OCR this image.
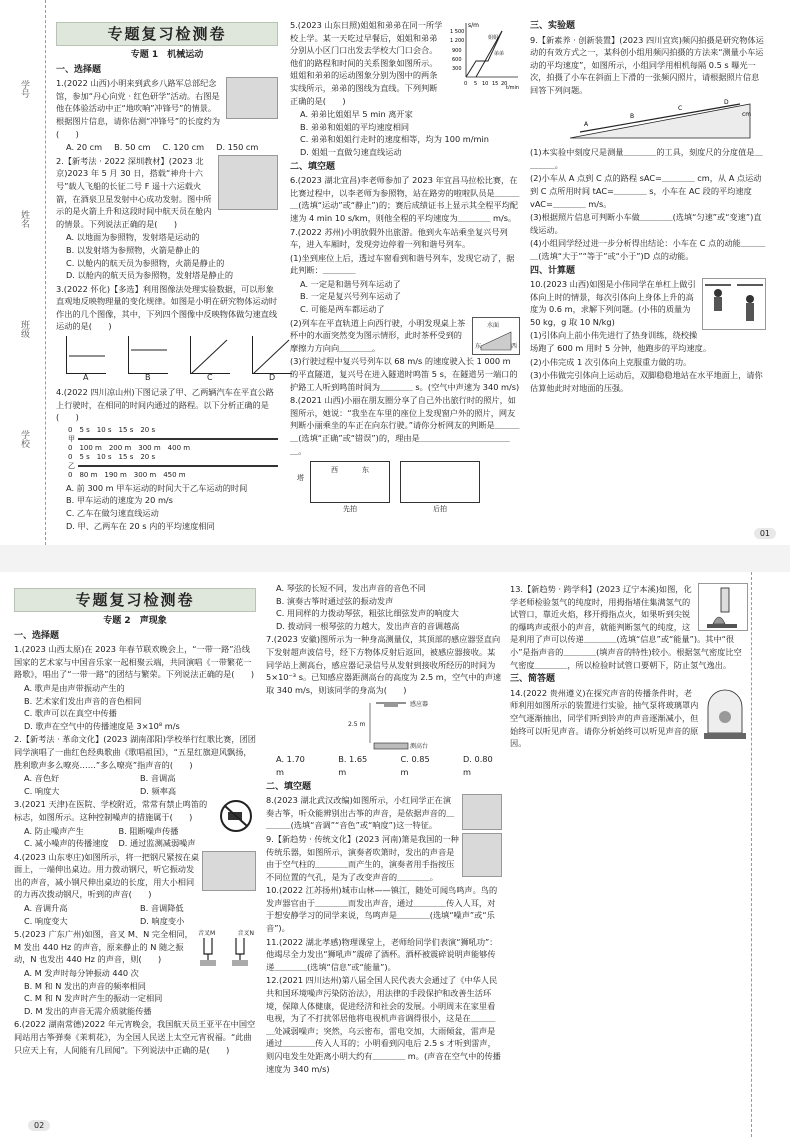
学号
姓名
班级
学校
专题复习检测卷
专题 1　机械运动
一、选择题
1.(2022 山西)小明来到武乡八路军总部纪念馆，参加“丹心向党 · 红色研学”活动。右图是他在体验活动中正“地吹响”冲锋号”的情景。根据图片信息，请你估测“冲锋号”的长度约为(　　)
A. 20 cm B. 50 cm C. 120 cm D. 150 cm
2.【新考法 · 2022 深圳教材】(2023 北京)2023 年 5 月 30 日，搭载“神舟十六号”载人飞船的长征二号 F 遥十六运载火箭，在酒泉卫星发射中心成功发射。图中所示的是火箭上升和这段时间中航天员在舱内的情景。下列说法正确的是(　　)
A. 以地面为参照物，发射塔是运动的
B. 以发射塔为参照物，火箭是静止的
C. 以舱内的航天员为参照物，火箭是静止的
D. 以舱内的航天员为参照物，发射塔是静止的
3.(2022 怀化)【多选】利用图像法处理实验数据，可以形象直观地反映物理量的变化规律。如图是小明在研究物体运动时作出的几个图像，其中，下列四个图像中反映物体做匀速直线运动的是(　　)
A	B	C	D
4.(2022 四川凉山州)下图记录了甲、乙两辆汽车在平直公路上行驶时，在相同的时间内通过的路程。以下分析正确的是(　　)
0　5 s　10 s　15 s　20 s
甲
0　100 m　200 m　300 m　400 m
0　5 s　10 s　15 s　20 s
乙
0　80 m　190 m　300 m　450 m
A. 前 300 m 甲车运动的时间大于乙车运动的时间
B. 甲车运动的速度为 20 m/s
C. 乙车在做匀速直线运动
D. 甲、乙两车在 20 s 内的平均速度相同
s/m
1 500
1 200
900
600
300
0 5 10 15 20
t/min
姐姐
弟弟
5.(2023 山东日照)姐姐和弟弟在同一所学校上学。某一天吃过早餐后，姐姐和弟弟分别从小区门口出发去学校大门口会合。他们的路程和时间的关系图象如图所示。姐姐和弟弟的运动图象分别为图中的两条实线所示，弟弟的图线为直线。下列判断正确的是(　　)
A. 弟弟比姐姐早 5 min 离开家
B. 弟弟和姐姐的平均速度相同
C. 弟弟和姐姐行走时的速度相等，均为 100 m/min
D. 姐姐一直做匀速直线运动
二、填空题
6.(2023 湖北宜昌)李老师参加了 2023 年宜昌马拉松比赛，在比赛过程中，以李老师为参照物，站在路旁的啦啦队员是＿＿＿＿(选填“运动”或“静止”)的；赛后成绩证书上显示其全程平均配速为 4 min 10 s/km，则他全程的平均速度为＿＿＿＿ m/s。
7.(2022 苏州)小明放假外出旅游。他到火车站乘坐复兴号列车，进入车厢时，发现旁边停着一列和谐号列车。
(1)坐到座位上后，透过车窗看到和谐号列车，发现它动了，据此判断：＿＿＿＿
A. 一定是和谐号列车运动了
B. 一定是复兴号列车运动了
C. 可能是两车都运动了
水面
东	西
(2)列车在平直轨道上向西行驶，小明发现桌上茶杯中的水面突然变为图示情形，此时茶杯受到的摩擦力方向向＿＿＿＿。
(3)行驶过程中复兴号列车以 68 m/s 的速度驶入长 1 000 m 的平直隧道，复兴号在进入隧道时鸣笛 5 s，在隧道另一端口的护路工人听到鸣笛时间为＿＿＿＿ s。(空气中声速为 340 m/s)
8.(2021 山西)小丽在朋友圈分享了自己外出旅行时的照片，如图所示，她说：“我坐在车里的座位上发现窗户外的照片，网友判断小丽乘坐的车正在向东行驶。”请你分析网友的判断是＿＿＿＿(选填“正确”或“错误”)的，理由是＿＿＿＿＿＿＿＿＿＿＿＿。
塔
西	东
先拍	后拍
三、实验题
9.【新素养 · 创新装置】(2023 四川宜宾)频闪拍摄是研究物体运动的有效方式之一，某科创小组用频闪拍摄的方法来“测量小车运动的平均速度”，如图所示，小组同学用相机每隔 0.5 s 曝光一次，拍摄了小车在斜面上下滑的一张频闪照片，请根据照片信息回答下列问题。
A
B
C
D
cm
(1)本实验中刻度尺是测量＿＿＿＿的工具，刻度尺的分度值是＿＿＿＿。
(2)小车从 A 点到 C 点的路程 sAC=＿＿＿＿ cm，从 A 点运动到 C 点所用时间 tAC=＿＿＿＿ s，小车在 AC 段的平均速度 vAC=＿＿＿＿ m/s。
(3)根据照片信息可判断小车做＿＿＿＿(选填“匀速”或“变速”)直线运动。
(4)小组同学经过进一步分析得出结论：小车在 C 点的动能＿＿＿＿(选填“大于”“等于”或“小于”)D 点的动能。
四、计算题
10.(2023 山西)如图是小伟同学在单杠上做引体向上时的情景，每次引体向上身体上升的高度为 0.6 m，求解下列问题。(小伟的质量为 50 kg，g 取 10 N/kg)
(1)引体向上前小伟先进行了热身训练，绕校操场跑了 600 m 用时 5 分钟，他跑步的平均速度。
(2)小伟完成 1 次引体向上克服重力做的功。
(3)小伟做完引体向上运动后，双脚稳稳地站在水平地面上，请你估算他此时对地面的压强。
01
专题复习检测卷
专题 2　声现象
一、选择题
1.(2023 山西太原)在 2023 年春节联欢晚会上，“一带一路”沿线国家的艺术家与中国音乐家一起相聚云端，共同演唱《一带繁花一路歌》，唱出了“一带一路”的团结与繁荣。下列说法正确的是(　　)
A. 歌声是由声带振动产生的
B. 艺术家们发出声音的音色相同
C. 歌声可以在真空中传播
D. 歌声在空气中的传播速度是 3×10⁸ m/s
2.【新考法 · 革命文化】(2023 湖南邵阳)学校举行红歌比赛，团团同学演唱了一曲红色经典歌曲《歌唱祖国》，“五星红旗迎风飘扬，胜利歌声多么嘹亮……”多么嘹亮”指声音的(　　)
A. 音色好	B. 音调高
C. 响度大	D. 频率高
3.(2021 天津)在医院、学校附近，常常有禁止鸣笛的标志，如图所示。这种控制噪声的措施属于(　　)
A. 防止噪声产生	B. 阻断噪声传播
C. 减小噪声的传播速度	D. 通过监测减弱噪声
4.(2023 山东枣庄)如图所示，将一把钢尺紧按在桌面上，一端伸出桌边。用力拨动钢尺，听它振动发出的声音，减小钢尺伸出桌边的长度，用大小相同的力再次拨动钢尺，听到的声音(　　)
A. 音调升高	B. 音调降低
C. 响度变大	D. 响度变小
音叉M	音叉N
5.(2023 广东广州)如图，音叉 M、N 完全相同，M 发出 440 Hz 的声音，原来静止的 N 随之振动，N 也发出 440 Hz 的声音，则(　　)
A. M 发声时每分钟振动 440 次
B. M 和 N 发出的声音的频率相同
C. M 和 N 发声时产生的振动一定相同
D. M 发出的声音无需介质就能传播
6.(2022 湖南常德)2022 年元宵晚会，我国航天员王亚平在中国空间站用古筝弹奏《茉莉花》，为全国人民送上太空元宵祝福。“此曲只应天上有，人间能有几回闻”。下列说法中正确的是(　　)
A. 琴弦的长短不同，发出声音的音色不同
B. 演奏古筝时通过弦的振动发声
C. 用同样的力拨动琴弦，粗弦比细弦发声的响度大
D. 拨动同一根琴弦的力越大，发出声音的音调越高
7.(2023 安徽)图所示为一种身高测量仪，其顶部的感应器竖直向下发射超声波信号，经下方物体反射后返回，被感应器接收。某同学站上测高台，感应器记录信号从发射到接收所经历的时间为 5×10⁻³ s。已知感应器距测高台的高度为 2.5 m，空气中的声速取 340 m/s，则该同学的身高为(　　)
感应器
2.5 m
测高台
A. 1.70 m
B. 1.65 m
C. 0.85 m
D. 0.80 m
二、填空题
8.(2023 湖北武汉改编)如图所示，小红同学正在演奏古筝，听众能辨别出古筝的声音，是依据声音的＿＿＿＿(选填“音调”“音色”或“响度”)这一特征。
9.【新趋势 · 传统文化】(2023 河南)箫是我国的一种传统乐器，如图所示，演奏者吹箫时，发出的声音是由于空气柱的＿＿＿＿而产生的，演奏者用手指按压不同位置的气孔，是为了改变声音的＿＿＿＿。
10.(2022 江苏扬州)城市山林——镇江，随处可闻鸟鸣声。鸟的发声器官由于＿＿＿＿而发出声音，通过＿＿＿＿传入人耳，对于想安静学习的同学来说，鸟鸣声是＿＿＿＿(选填“噪声”或“乐音”)。
11.(2022 湖北孝感)物理课堂上，老师给同学们表演“狮吼功”：他竭尽全力发出“狮吼声”震碎了酒杯。酒杯被震碎说明声能够传递＿＿＿＿(选填“信息”或“能量”)。
12.(2021 四川达州)第八届全国人民代表大会通过了《中华人民共和国环境噪声污染防治法》，用法律的手段保护和改善生活环境，保障人体健康，促进经济和社会的发展。小明周末在家里看电视，为了不打扰邻居他将电视机声音调得很小，这是在＿＿＿＿处减弱噪声；突然，乌云密布，雷电交加，大雨倾盆，雷声是通过＿＿＿＿传入人耳的；小明看到闪电后 2.5 s 才听到雷声，则闪电发生处距离小明大约有＿＿＿＿ m。(声音在空气中的传播速度为 340 m/s)
13.【新趋势 · 跨学科】(2023 辽宁本溪)如图，化学老师检验氢气的纯度时，用拇指堵住集满氢气的试管口，靠近火焰，移开拇指点火，如果听到尖锐的爆鸣声或很小的声音，就能判断氢气的纯度，这是利用了声可以传递＿＿＿＿(选填“信息”或“能量”)。其中“很小”是指声音的＿＿＿＿(填声音的特性)较小。根据氢气密度比空气密度＿＿＿＿，所以检验时试管口要朝下，防止氢气逸出。
三、简答题
14.(2022 贵州遵义)在探究声音的传播条件时，老师利用如图所示的装置进行实验，抽气泵将玻璃罩内空气逐渐抽出，同学们听到铃声的声音逐渐减小，但始终可以听见声音。请你分析始终可以听见声音的原因。
02
